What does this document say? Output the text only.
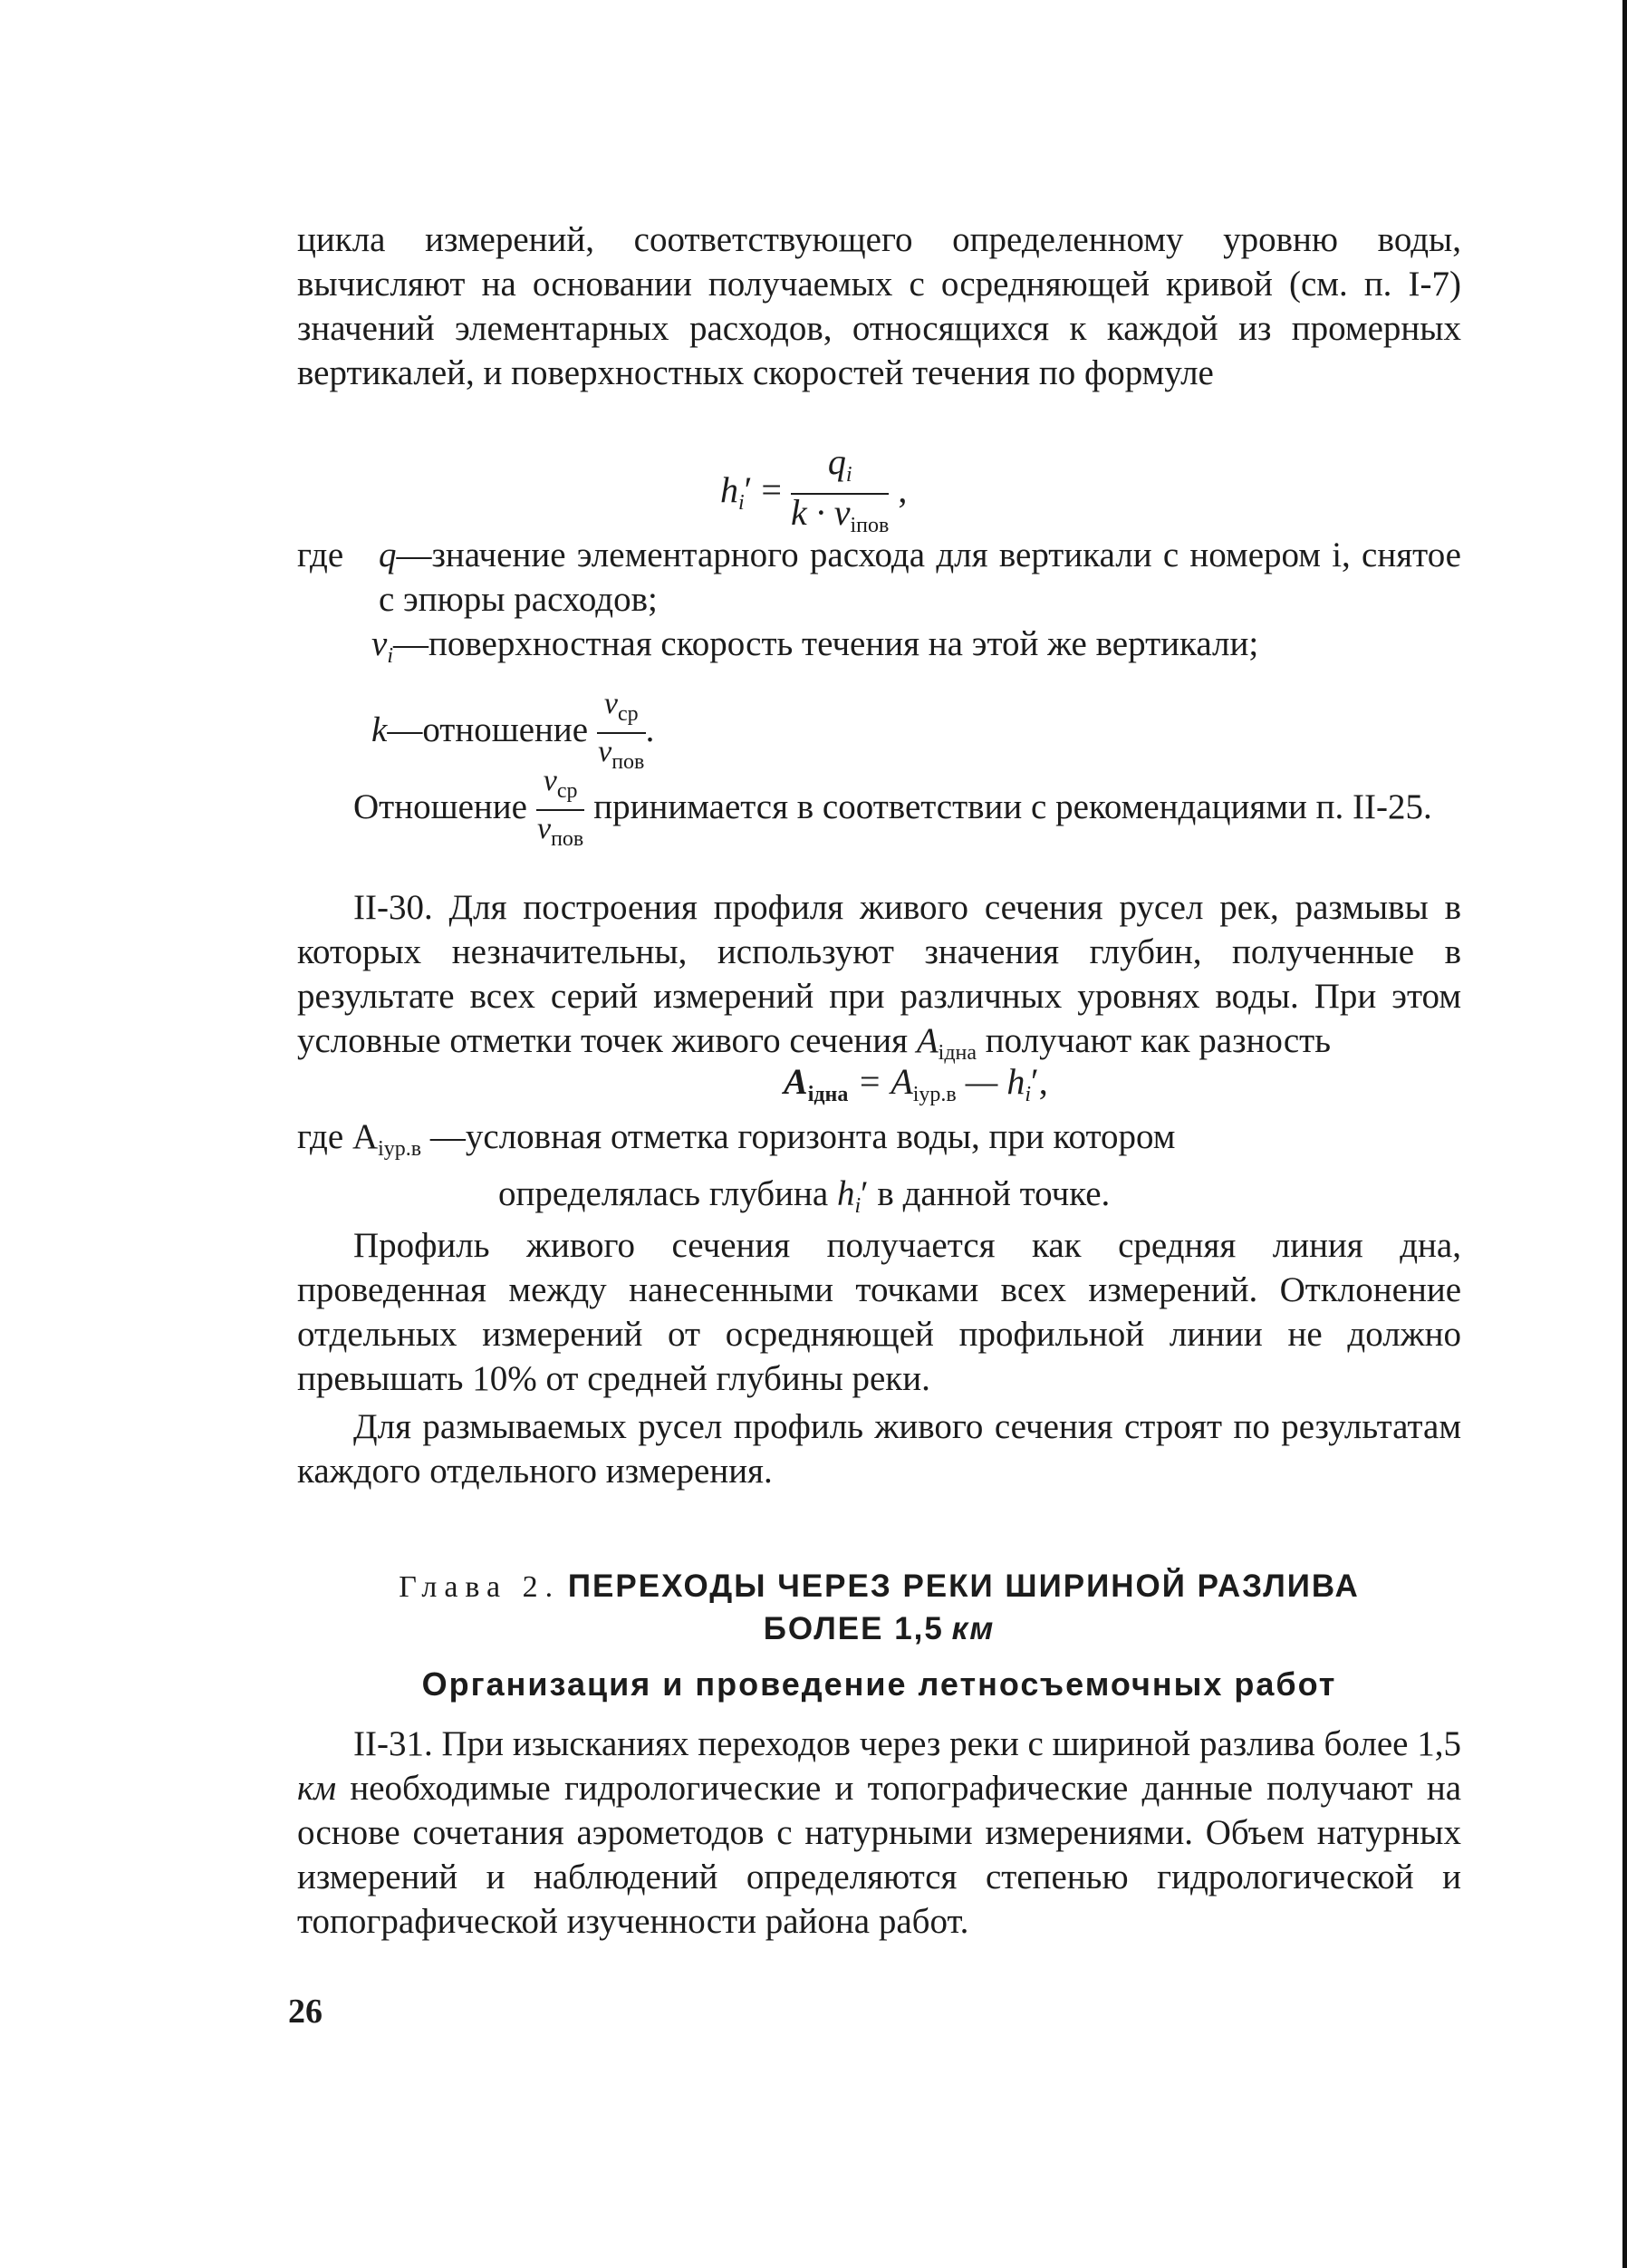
цикла измерений, соответствующего определенному уровню воды, вычисляют на основании получаемых с осредняющей кривой (см. п. I-7) значений элементарных расходов, относящихся к каждой из промерных вертикалей, и поверхностных скоростей течения по формуле

$h_i' = \frac{q_i}{k \cdot v_{iпов}}$ ,
где q—значение элементарного расхода для вертикали с номером i, снятое с эпюры расходов;
$v_i—поверхностная$ скорость течения на этой же вертикали;
k—отношение $\frac{v_{ср}}{v_{пов}}$ .
Отношение $\frac{v_{ср}}{v_{пов}}$ принимается в соответствии с рекомендациями п. II-25.

II-30. Для построения профиля живого сечения русел рек, размывы в которых незначительны, используют значения глубин, полученные в результате всех серий измерений при различных уровнях воды. При этом условные отметки точек живого сечения $A_{iдна}$ получают как разность

$A_{iдна} = A_{iур.в}$ — $h_i'$,
где $A_{iур.в}$ —условная отметка горизонта воды, при котором
определялась глубина $h_i'$ в данной точке.

Профиль живого сечения получается как средняя линия дна, проведенная между нанесенными точками всех измерений. Отклонение отдельных измерений от осредняющей профильной линии не должно превышать 10% от средней глубины реки.

Для размываемых русел профиль живого сечения строят по результатам каждого отдельного измерения.

Глава 2. ПЕРЕХОДЫ ЧЕРЕЗ РЕКИ ШИРИНОЙ РАЗЛИВА
БОЛЕЕ 1,5 км
Организация и проведение летносъемочных работ

II-31. При изысканиях переходов через реки с шириной разлива более 1,5 км необходимые гидрологические и топографические данные получают на основе сочетания аэрометодов с натурными измерениями. Объем натурных измерений и наблюдений определяются степенью гидрологической и топографической изученности района работ.

26
